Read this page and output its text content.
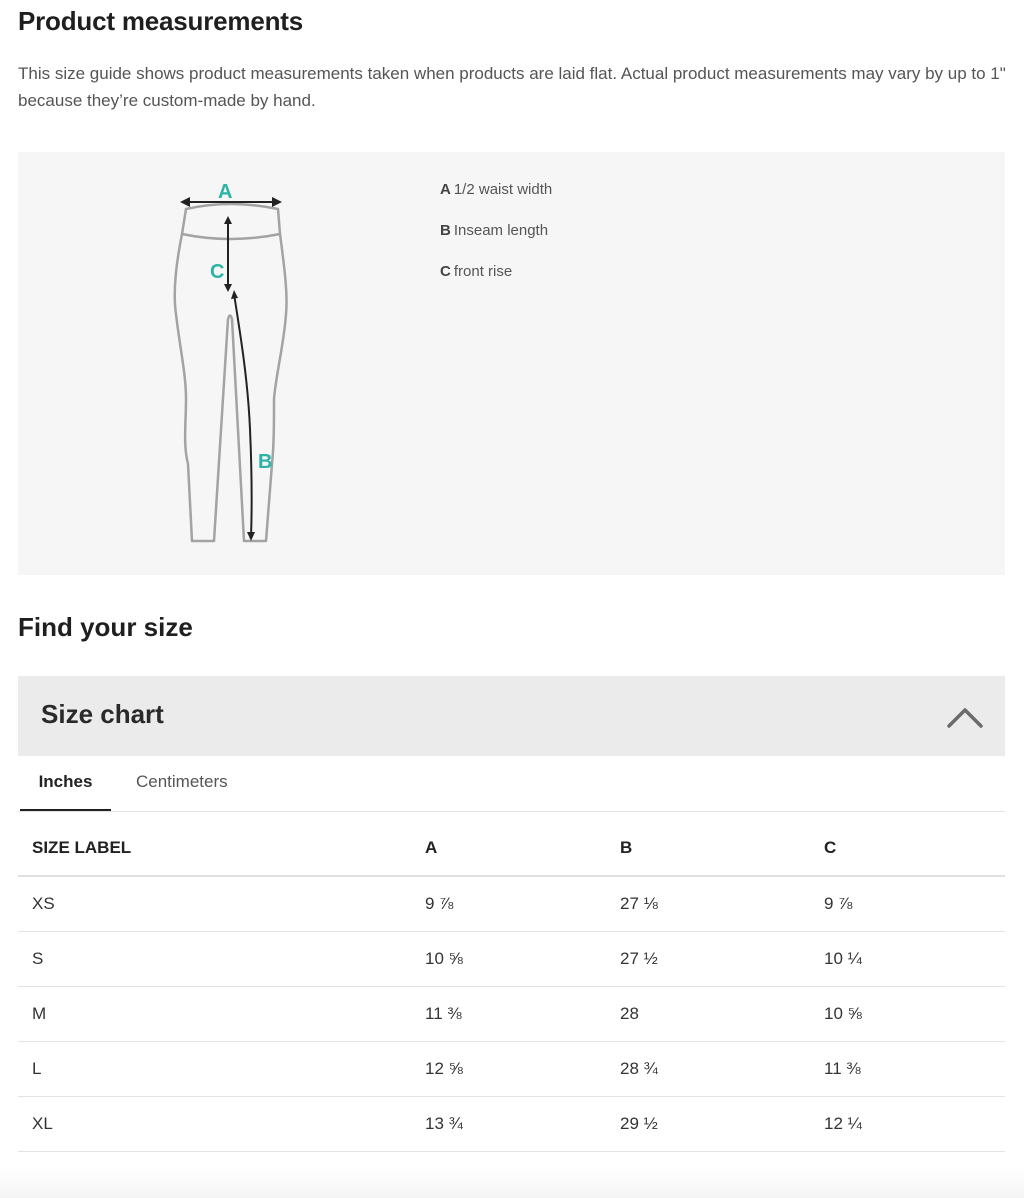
Product measurements

This size guide shows product measurements taken when products are laid flat. Actual product measurements may vary by up to 1" because they’re custom-made by hand.

A
C
B
A 1/2 waist width
B Inseam length
C front rise
Find your size
Size chart
Inches	Centimeters
SIZE LABEL	A	B	C
XS	9 ⅞	27 ⅛	9 ⅞
S	10 ⅝	27 ½	10 ¼
M	11 ⅜	28	10 ⅝
L	12 ⅝	28 ¾	11 ⅜
XL	13 ¾	29 ½	12 ¼
